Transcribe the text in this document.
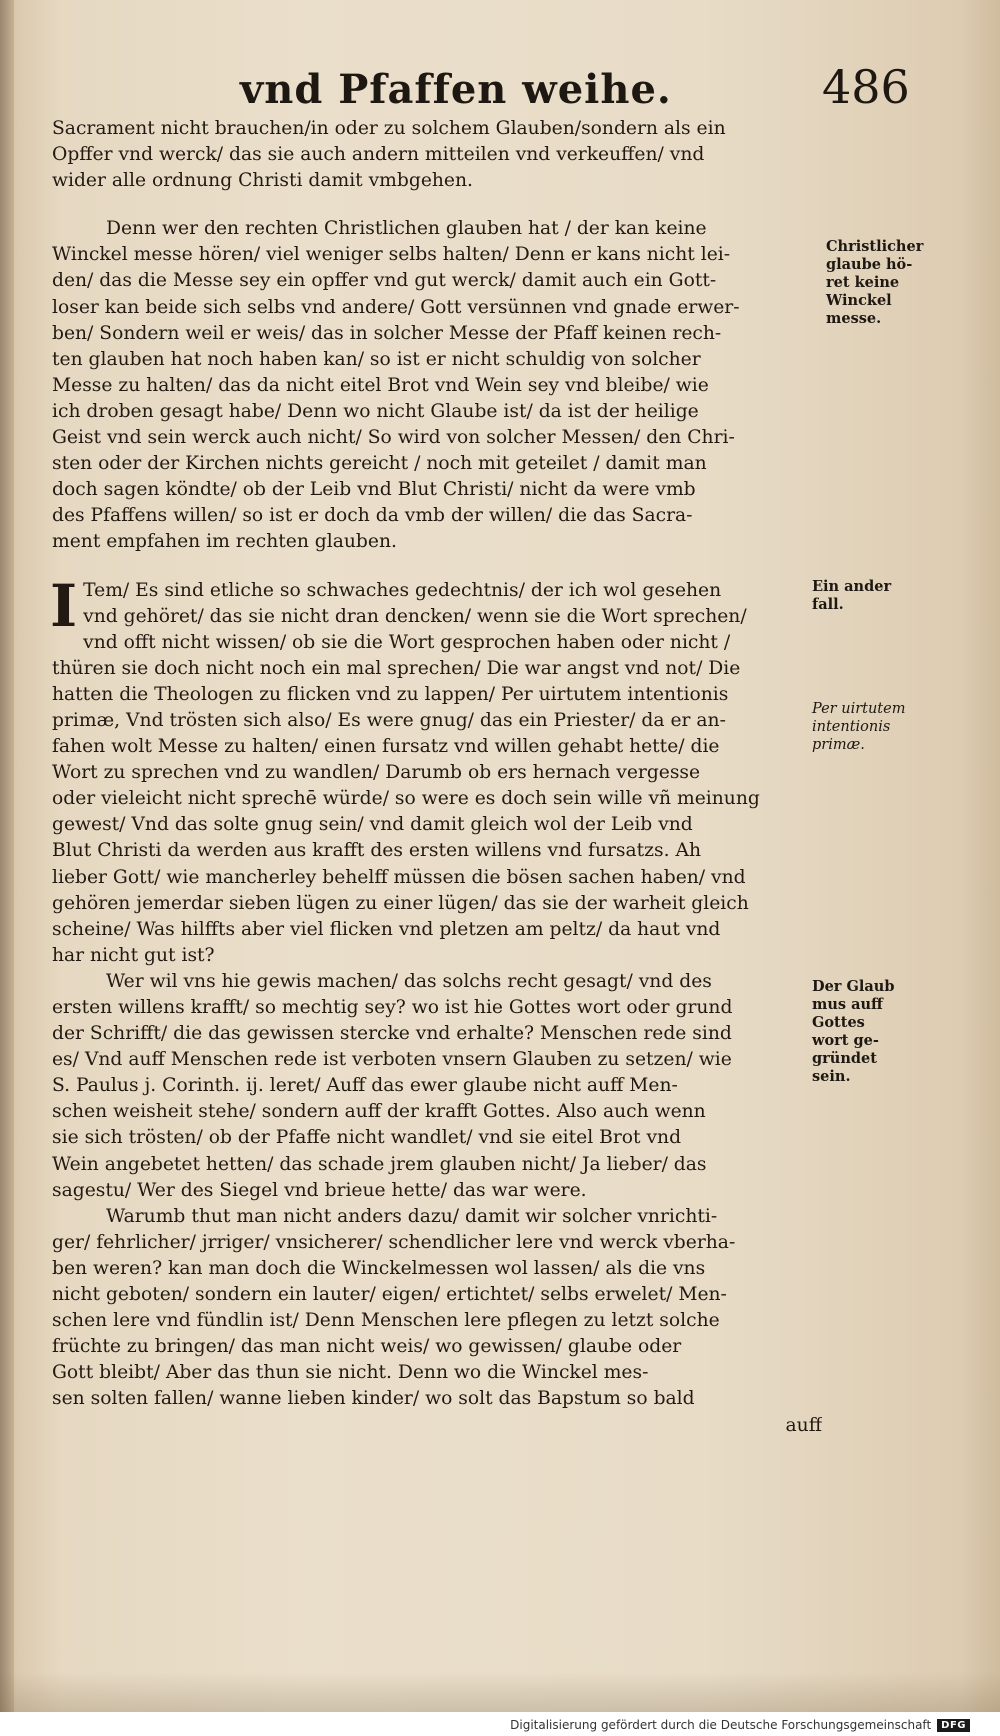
vnd Pfaffen weihe.	486
Sacrament nicht brauchen/in oder zu solchem Glauben/sondern als ein
Opffer vnd werck/ das sie auch andern mitteilen vnd verkeuffen/ vnd
wider alle ordnung Christi damit vmbgehen.
Denn wer den rechten Christlichen glauben hat / der kan keine
Winckel messe hören/ viel weniger selbs halten/ Denn er kans nicht lei-
den/ das die Messe sey ein opffer vnd gut werck/ damit auch ein Gott-
loser kan beide sich selbs vnd andere/ Gott versünnen vnd gnade erwer-
ben/ Sondern weil er weis/ das in solcher Messe der Pfaff keinen rech-
ten glauben hat noch haben kan/ so ist er nicht schuldig von solcher
Messe zu halten/ das da nicht eitel Brot vnd Wein sey vnd bleibe/ wie
ich droben gesagt habe/ Denn wo nicht Glaube ist/ da ist der heilige
Geist vnd sein werck auch nicht/ So wird von solcher Messen/ den Chri-
sten oder der Kirchen nichts gereicht / noch mit geteilet / damit man
doch sagen köndte/ ob der Leib vnd Blut Christi/ nicht da were vmb
des Pfaffens willen/ so ist er doch da vmb der willen/ die das Sacra-
ment empfahen im rechten glauben.
I Tem/ Es sind etliche so schwaches gedechtnis/ der ich wol gesehen
vnd gehöret/ das sie nicht dran dencken/ wenn sie die Wort sprechen/
vnd offt nicht wissen/ ob sie die Wort gesprochen haben oder nicht /
thüren sie doch nicht noch ein mal sprechen/ Die war angst vnd not/ Die
hatten die Theologen zu flicken vnd zu lappen/ Per uirtutem intentionis
primæ, Vnd trösten sich also/ Es were gnug/ das ein Priester/ da er an-
fahen wolt Messe zu halten/ einen fursatz vnd willen gehabt hette/ die
Wort zu sprechen vnd zu wandlen/ Darumb ob ers hernach vergesse
oder vieleicht nicht sprechē würde/ so were es doch sein wille vñ meinung
gewest/ Vnd das solte gnug sein/ vnd damit gleich wol der Leib vnd
Blut Christi da werden aus krafft des ersten willens vnd fursatzs. Ah
lieber Gott/ wie mancherley behelff müssen die bösen sachen haben/ vnd
gehören jemerdar sieben lügen zu einer lügen/ das sie der warheit gleich
scheine/ Was hilffts aber viel flicken vnd pletzen am peltz/ da haut vnd
har nicht gut ist?
Wer wil vns hie gewis machen/ das solchs recht gesagt/ vnd des
ersten willens krafft/ so mechtig sey? wo ist hie Gottes wort oder grund
der Schrifft/ die das gewissen stercke vnd erhalte? Menschen rede sind
es/ Vnd auff Menschen rede ist verboten vnsern Glauben zu setzen/ wie
S. Paulus j. Corinth. ij. leret/ Auff das ewer glaube nicht auff Men-
schen weisheit stehe/ sondern auff der krafft Gottes. Also auch wenn
sie sich trösten/ ob der Pfaffe nicht wandlet/ vnd sie eitel Brot vnd
Wein angebetet hetten/ das schade jrem glauben nicht/ Ja lieber/ das
sagestu/ Wer des Siegel vnd brieue hette/ das war were.
Warumb thut man nicht anders dazu/ damit wir solcher vnrichti-
ger/ fehrlicher/ jrriger/ vnsicherer/ schendlicher lere vnd werck vberha-
ben weren? kan man doch die Winckelmessen wol lassen/ als die vns
nicht geboten/ sondern ein lauter/ eigen/ ertichtet/ selbs erwelet/ Men-
schen lere vnd fündlin ist/ Denn Menschen lere pflegen zu letzt solche
früchte zu bringen/ das man nicht weis/ wo gewissen/ glaube oder
Gott bleibt/ Aber das thun sie nicht. Denn wo die Winckel mes-
sen solten fallen/ wanne lieben kinder/ wo solt das Bapstum so bald
auff
Christlicher
glaube hö-
ret keine
Winckel
messe.
Ein ander
fall.
Per uirtutem
intentionis
primæ.
Der Glaub
mus auff
Gottes
wort ge-
gründet
sein.
Digitalisierung gefördert durch die Deutsche Forschungsgemeinschaft	DFG
